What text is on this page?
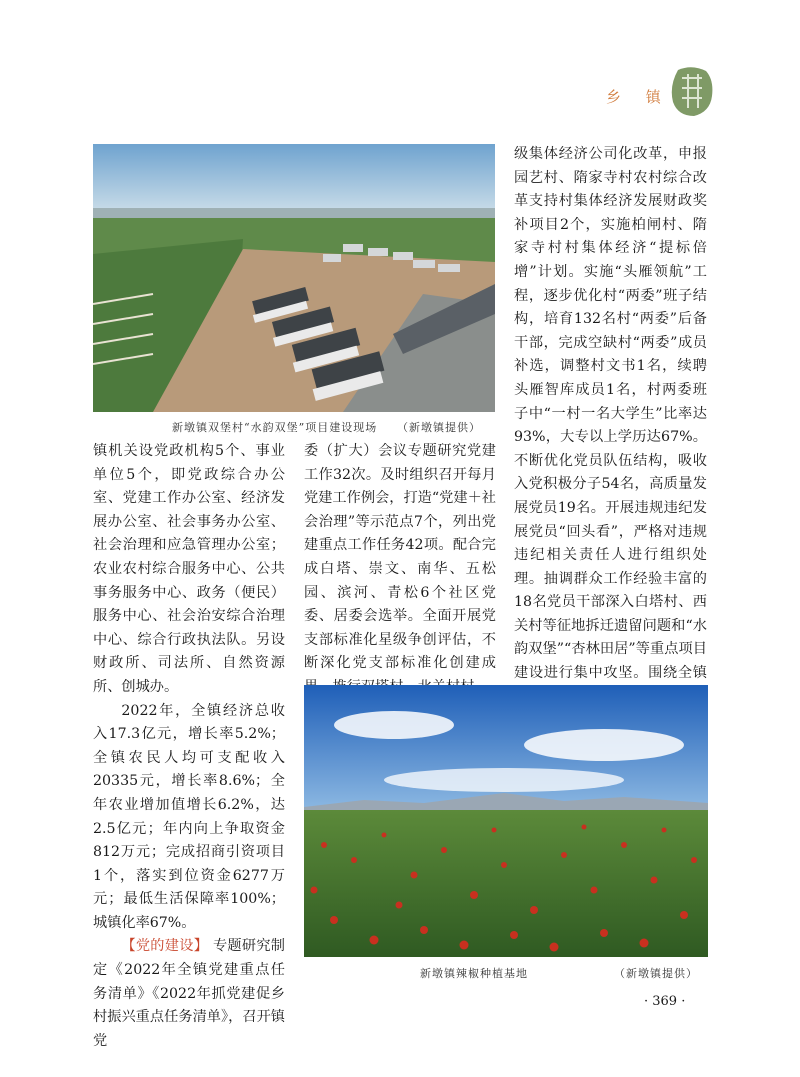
乡 镇
新墩镇双堡村“水韵双堡”项目建设现场 （新墩镇提供）

镇机关设党政机构5个、事业单位5个，即党政综合办公室、党建工作办公室、经济发展办公室、社会事务办公室、社会治理和应急管理办公室；农业农村综合服务中心、公共事务服务中心、政务（便民）服务中心、社会治安综合治理中心、综合行政执法队。另设财政所、司法所、自然资源所、创城办。

2022年，全镇经济总收入17.3亿元，增长率5.2%；全镇农民人均可支配收入20335元，增长率8.6%；全年农业增加值增长6.2%，达2.5亿元；年内向上争取资金812万元；完成招商引资项目1个，落实到位资金6277万元；最低生活保障率100%；城镇化率67%。

【党的建设】 专题研究制定《2022年全镇党建重点任务清单》《2022年抓党建促乡村振兴重点任务清单》，召开镇党

委（扩大）会议专题研究党建工作32次。及时组织召开每月党建工作例会，打造“党建＋社会治理”等示范点7个，列出党建重点工作任务42项。配合完成白塔、崇文、南华、五松园、滨河、青松6个社区党委、居委会选举。全面开展党支部标准化星级争创评估，不断深化党支部标准化创建成

级集体经济公司化改革，申报园艺村、隋家寺村农村综合改革支持村集体经济发展财政奖补项目2个，实施柏闸村、隋家寺村村集体经济“提标倍增”计划。实施“头雁领航”工程，逐步优化村“两委”班子结构，培育132名村“两委”后备干部，完成空缺村“两委”成员补选，调整村文书1名，续聘头雁智库成员1名，村两委班子中“一村一名大学生”比率达93%，大专以上学历达67%。不断优化党员队伍结构，吸收入党积极分子54名，高质量发展党员19名。开展违规违纪发展党员“回头看”，严格对违规违纪相关责任人进行组织处理。抽调群众工作经验丰富的18名党员干部深入白塔村、西关村等征地拆迁遗留问题和“水韵双堡”“杏林田居”等重点项目建设进行集中攻坚。围绕全镇

新墩镇辣椒种植基地	（新墩镇提供）
· 369 ·
